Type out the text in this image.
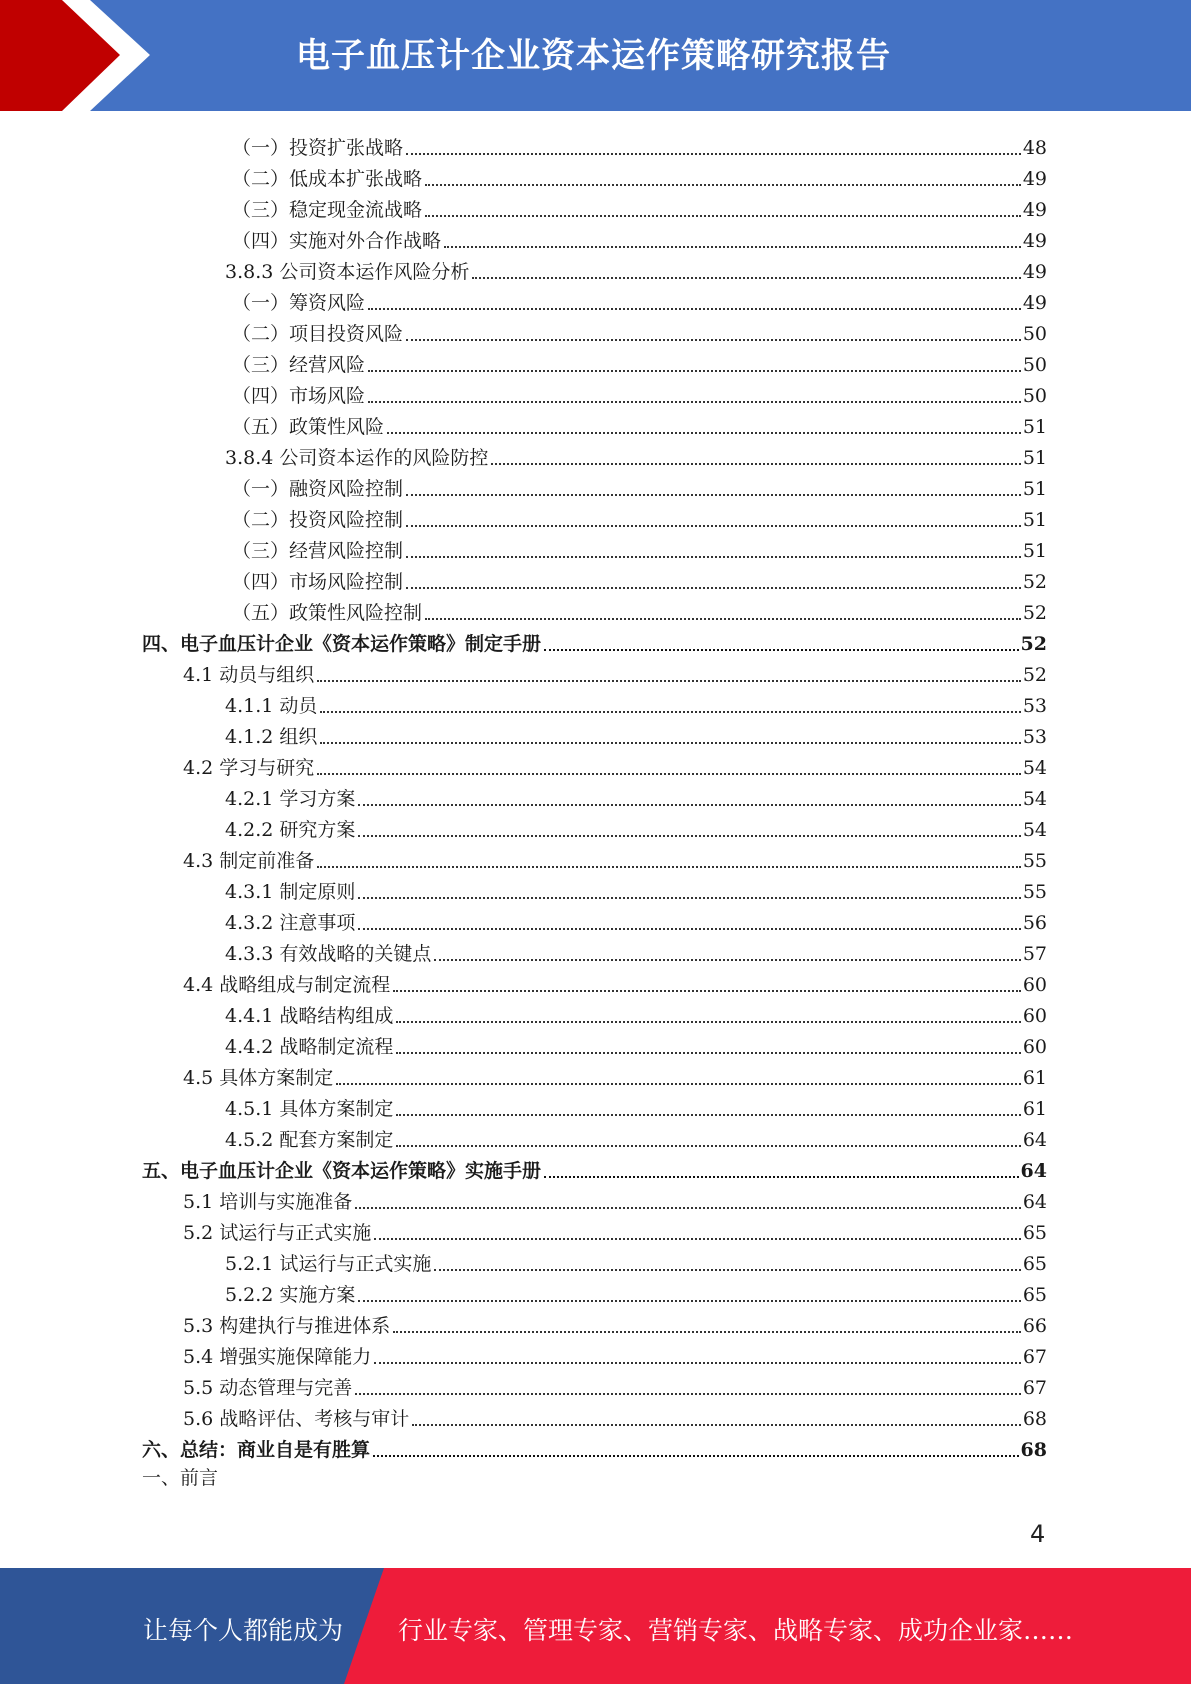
电子血压计企业资本运作策略研究报告
（一）投资扩张战略	48
（二）低成本扩张战略	49
（三）稳定现金流战略	49
（四）实施对外合作战略	49
3.8.3 公司资本运作风险分析	49
（一）筹资风险	49
（二）项目投资风险	50
（三）经营风险	50
（四）市场风险	50
（五）政策性风险	51
3.8.4 公司资本运作的风险防控	51
（一）融资风险控制	51
（二）投资风险控制	51
（三）经营风险控制	51
（四）市场风险控制	52
（五）政策性风险控制	52
四、电子血压计企业《资本运作策略》制定手册	52
4.1 动员与组织	52
4.1.1 动员	53
4.1.2 组织	53
4.2 学习与研究	54
4.2.1 学习方案	54
4.2.2 研究方案	54
4.3 制定前准备	55
4.3.1 制定原则	55
4.3.2 注意事项	56
4.3.3 有效战略的关键点	57
4.4 战略组成与制定流程	60
4.4.1 战略结构组成	60
4.4.2 战略制定流程	60
4.5 具体方案制定	61
4.5.1 具体方案制定	61
4.5.2 配套方案制定	64
五、电子血压计企业《资本运作策略》实施手册	64
5.1 培训与实施准备	64
5.2 试运行与正式实施	65
5.2.1 试运行与正式实施	65
5.2.2 实施方案	65
5.3 构建执行与推进体系	66
5.4 增强实施保障能力	67
5.5 动态管理与完善	67
5.6 战略评估、考核与审计	68
六、总结：商业自是有胜算	68
一、前言
4
让每个人都能成为 行业专家、管理专家、营销专家、战略专家、成功企业家……
